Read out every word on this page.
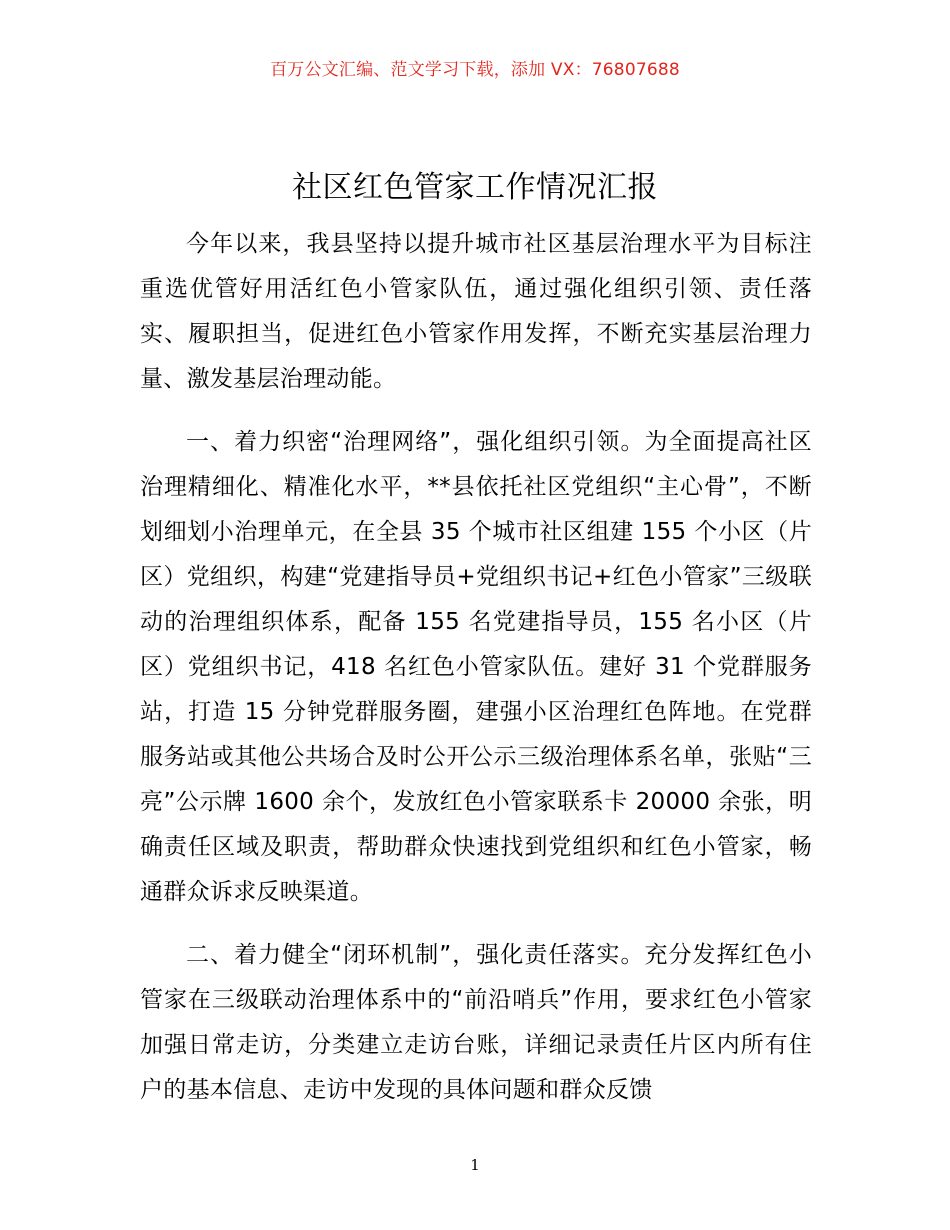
百万公文汇编、范文学习下载，添加 VX：76807688
社区红色管家工作情况汇报

今年以来，我县坚持以提升城市社区基层治理水平为目标注重选优管好用活红色小管家队伍，通过强化组织引领、责任落实、履职担当，促进红色小管家作用发挥，不断充实基层治理力量、激发基层治理动能。

一、着力织密“治理网络”，强化组织引领。为全面提高社区治理精细化、精准化水平，**县依托社区党组织“主心骨”，不断划细划小治理单元，在全县 35 个城市社区组建 155 个小区（片区）党组织，构建“党建指导员+党组织书记+红色小管家”三级联动的治理组织体系，配备 155 名党建指导员，155 名小区（片区）党组织书记，418 名红色小管家队伍。建好 31 个党群服务站，打造 15 分钟党群服务圈，建强小区治理红色阵地。在党群服务站或其他公共场合及时公开公示三级治理体系名单，张贴“三亮”公示牌 1600 余个，发放红色小管家联系卡 20000 余张，明确责任区域及职责，帮助群众快速找到党组织和红色小管家，畅通群众诉求反映渠道。

二、着力健全“闭环机制”，强化责任落实。充分发挥红色小管家在三级联动治理体系中的“前沿哨兵”作用，要求红色小管家加强日常走访，分类建立走访台账，详细记录责任片区内所有住户的基本信息、走访中发现的具体问题和群众反馈

1
